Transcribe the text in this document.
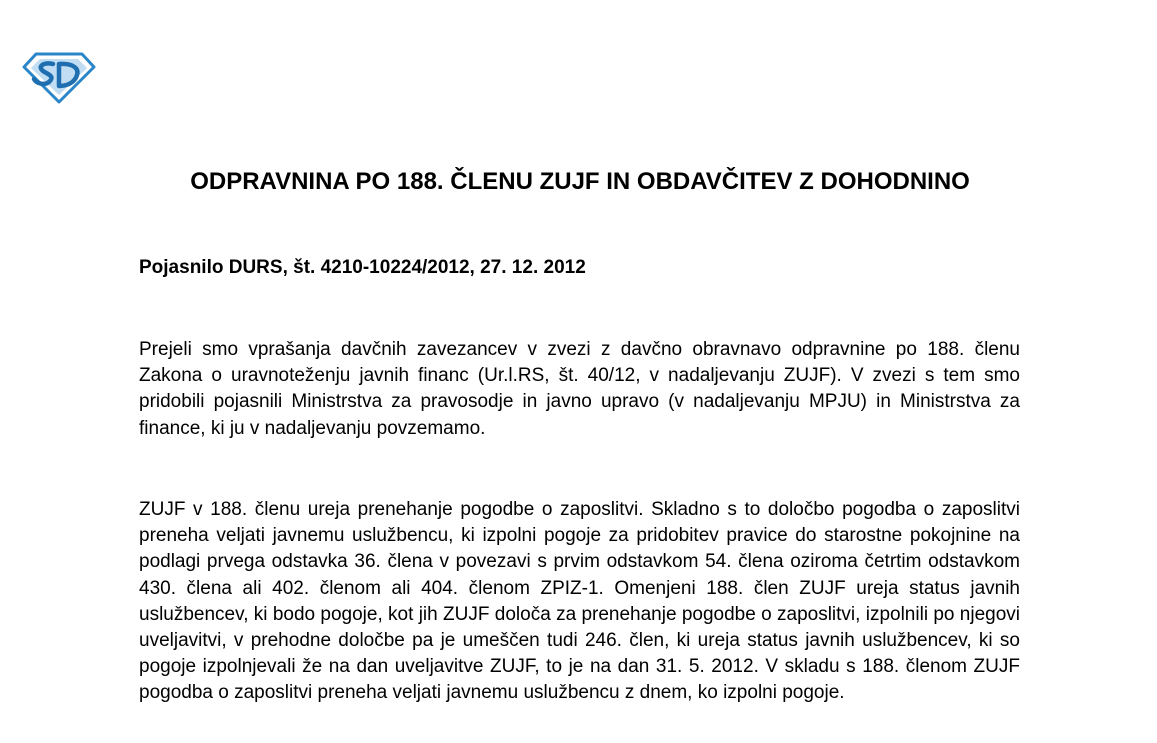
ODPRAVNINA PO 188. ČLENU ZUJF IN OBDAVČITEV Z DOHODNINO

Pojasnilo DURS, št. 4210-10224/2012, 27. 12. 2012

Prejeli smo vprašanja davčnih zavezancev v zvezi z davčno obravnavo odpravnine po 188. členu Zakona o uravnoteženju javnih financ (Ur.l.RS, št. 40/12, v nadaljevanju ZUJF). V zvezi s tem smo pridobili pojasnili Ministrstva za pravosodje in javno upravo (v nadaljevanju MPJU) in Ministrstva za finance, ki ju v nadaljevanju povzemamo.

ZUJF v 188. členu ureja prenehanje pogodbe o zaposlitvi. Skladno s to določbo pogodba o zaposlitvi preneha veljati javnemu uslužbencu, ki izpolni pogoje za pridobitev pravice do starostne pokojnine na podlagi prvega odstavka 36. člena v povezavi s prvim odstavkom 54. člena oziroma četrtim odstavkom 430. člena ali 402. členom ali 404. členom ZPIZ-1. Omenjeni 188. člen ZUJF ureja status javnih uslužbencev, ki bodo pogoje, kot jih ZUJF določa za prenehanje pogodbe o zaposlitvi, izpolnili po njegovi uveljavitvi, v prehodne določbe pa je umeščen tudi 246. člen, ki ureja status javnih uslužbencev, ki so pogoje izpolnjevali že na dan uveljavitve ZUJF, to je na dan 31. 5. 2012. V skladu s 188. členom ZUJF pogodba o zaposlitvi preneha veljati javnemu uslužbencu z dnem, ko izpolni pogoje.
